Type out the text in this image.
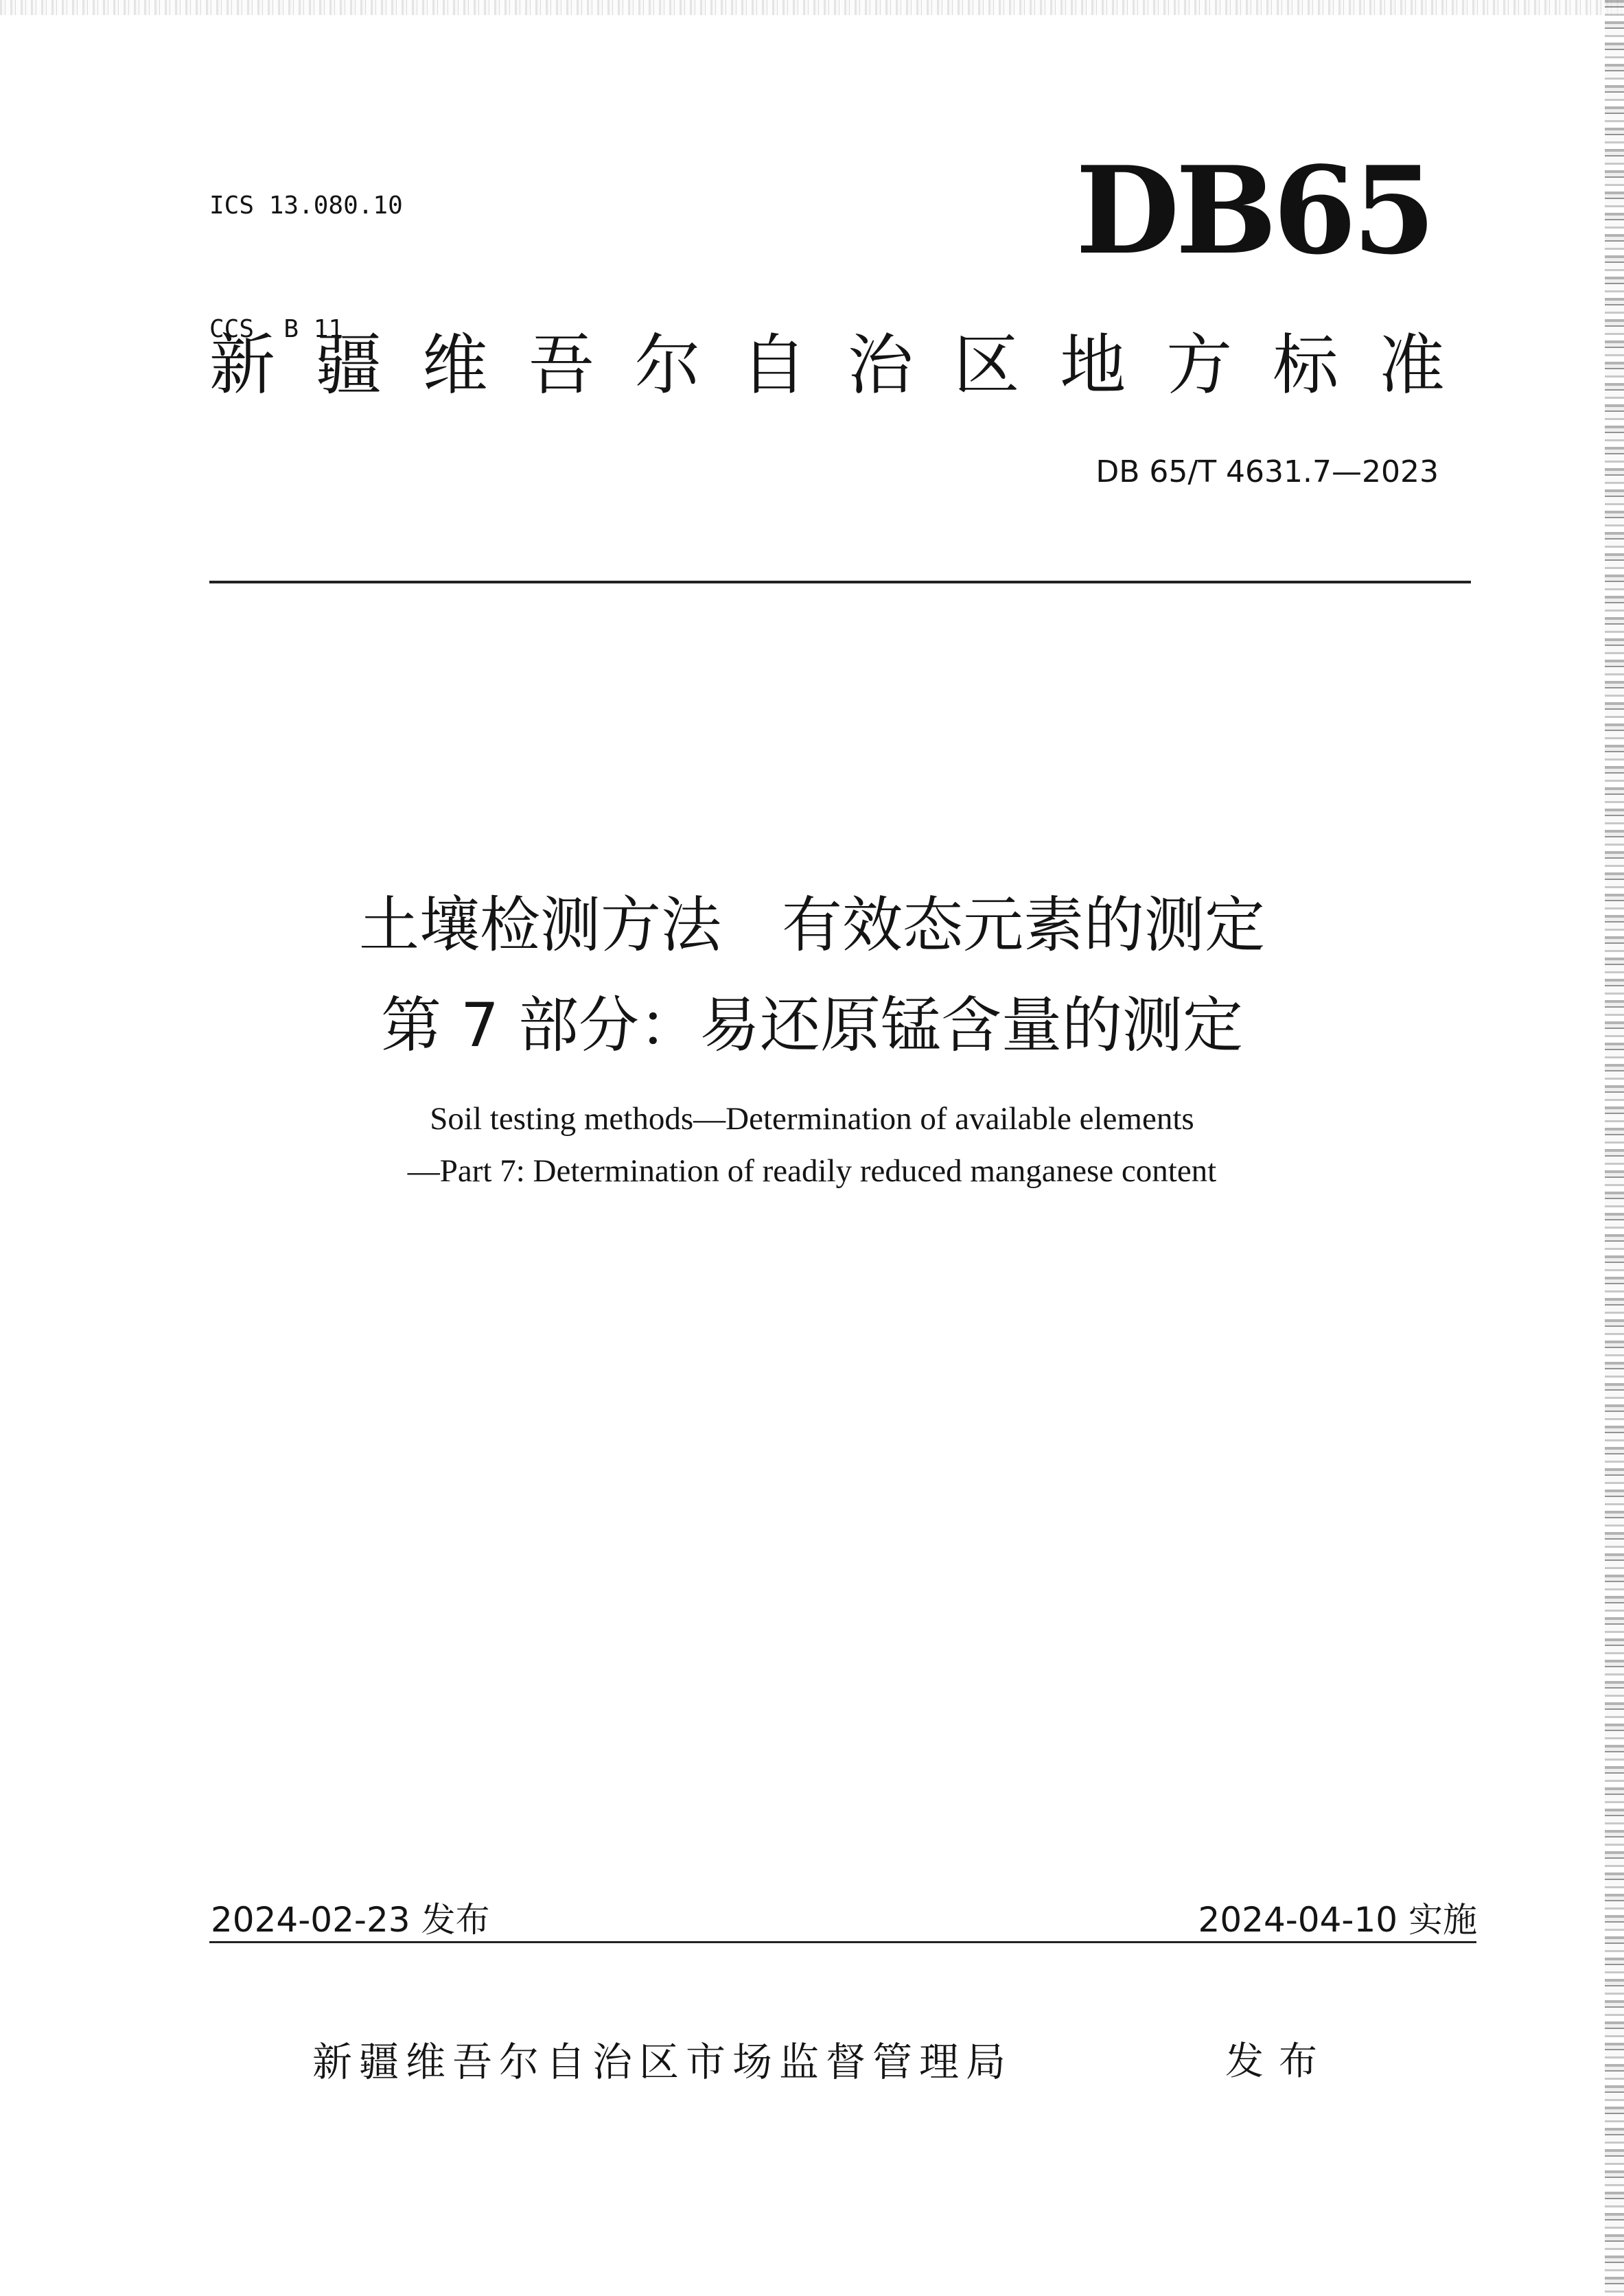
ICS 13.080.10

CCS  B 11

DB65
新 疆 维 吾 尔 自 治 区 地 方 标 准
DB 65/T 4631.7—2023
土壤检测方法　有效态元素的测定
第 7 部分：易还原锰含量的测定
Soil testing methods—Determination of available elements
—Part 7: Determination of readily reduced manganese content
2024-02-23 发布	2024-04-10 实施
新疆维吾尔自治区市场监督管理局	发布
